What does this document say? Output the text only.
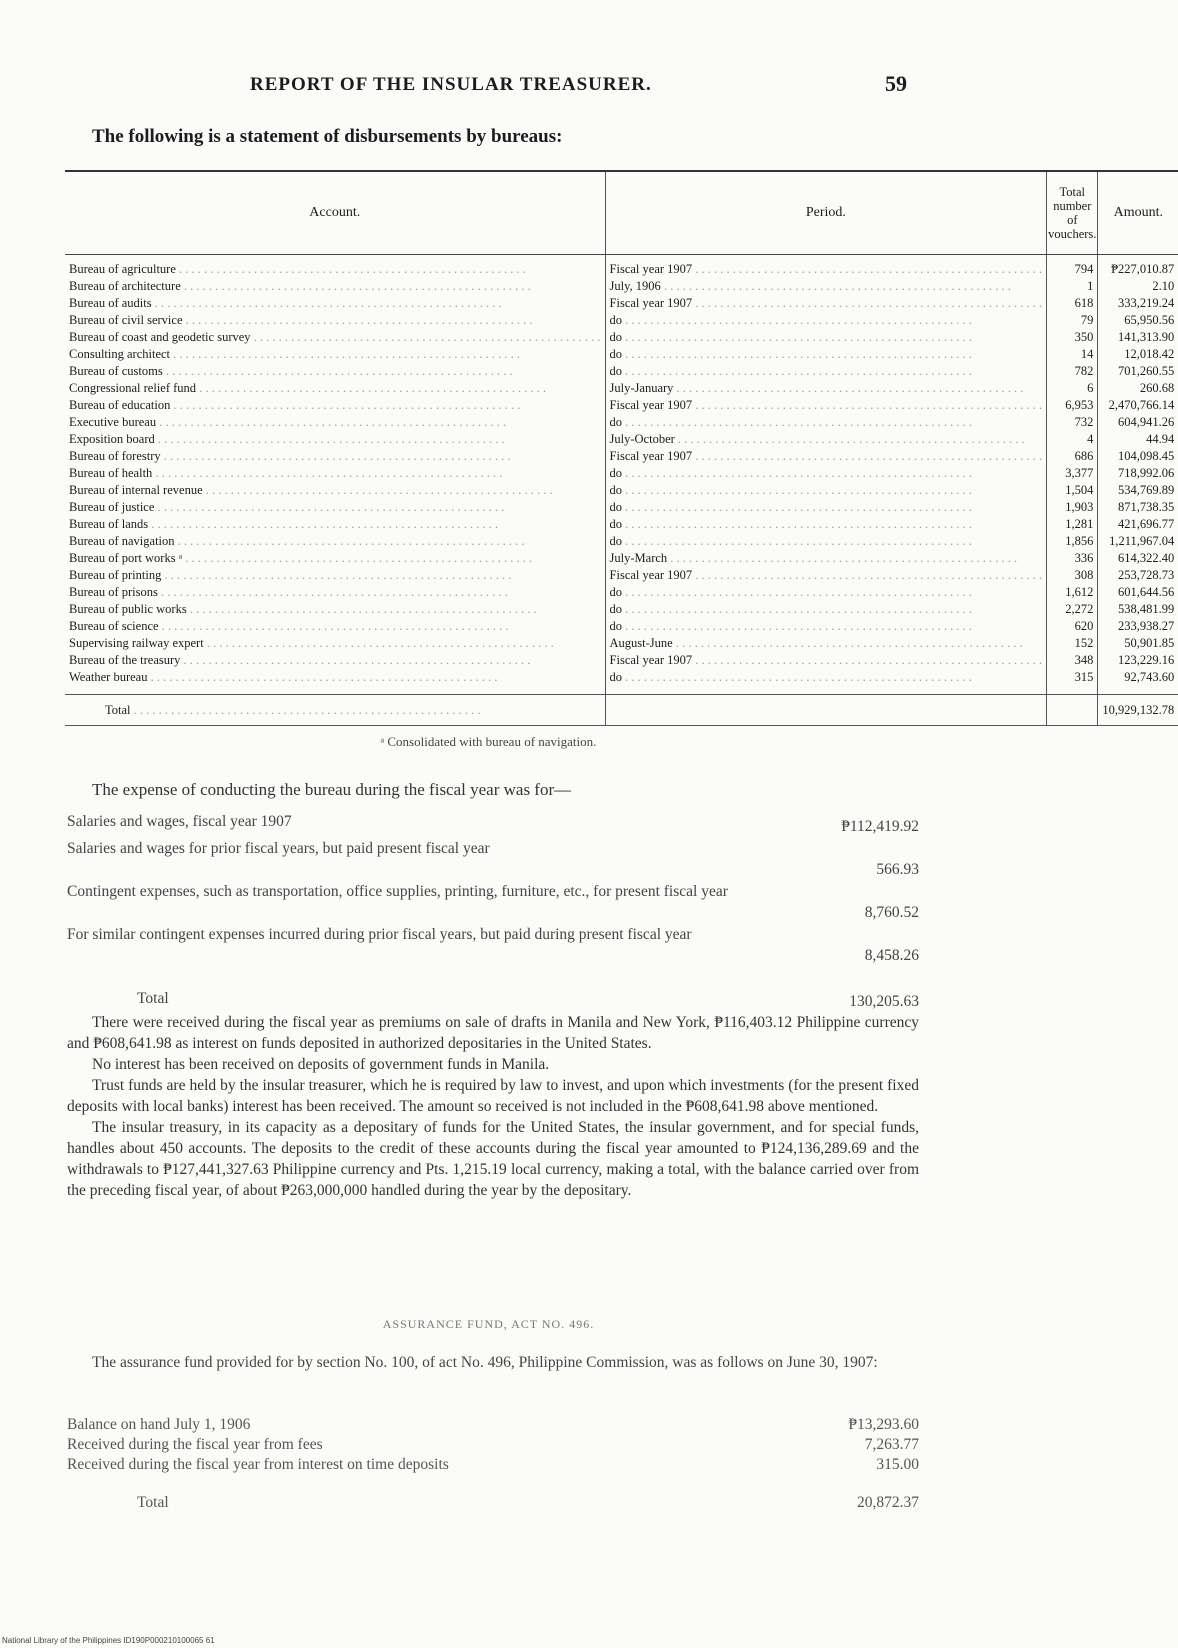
REPORT OF THE INSULAR TREASURER.	59
The following is a statement of disbursements by bureaus:
Account.	Period.	Total
number
of
vouchers.	Amount.
Bureau of agriculture . . .	Fiscal year 1907 . . .	794	₱227,010.87
Bureau of architecture . . .	July, 1906 . . .	1	2.10
Bureau of audits . . .	Fiscal year 1907 . . .	618	333,219.24
Bureau of civil service . . .	do . . .	79	65,950.56
Bureau of coast and geodetic survey . . .	do . . .	350	141,313.90
Consulting architect . . .	do . . .	14	12,018.42
Bureau of customs . . .	do . . .	782	701,260.55
Congressional relief fund . . .	July-January . . .	6	260.68
Bureau of education . . .	Fiscal year 1907 . . .	6,953	2,470,766.14
Executive bureau . . .	do . . .	732	604,941.26
Exposition board . . .	July-October . . .	4	44.94
Bureau of forestry . . .	Fiscal year 1907 . . .	686	104,098.45
Bureau of health . . .	do . . .	3,377	718,992.06
Bureau of internal revenue . . .	do . . .	1,504	534,769.89
Bureau of justice . . .	do . . .	1,903	871,738.35
Bureau of lands . . .	do . . .	1,281	421,696.77
Bureau of navigation . . .	do . . .	1,856	1,211,967.04
Bureau of port works ᵃ . . .	July-March . . .	336	614,322.40
Bureau of printing . . .	Fiscal year 1907 . . .	308	253,728.73
Bureau of prisons . . .	do . . .	1,612	601,644.56
Bureau of public works . . .	do . . .	2,272	538,481.99
Bureau of science . . .	do . . .	620	233,938.27
Supervising railway expert . . .	August-June . . .	152	50,901.85
Bureau of the treasury . . .	Fiscal year 1907 . . .	348	123,229.16
Weather bureau . . .	do . . .	315	92,743.60

Total . . .			10,929,132.78
ᵃ Consolidated with bureau of navigation.
The expense of conducting the bureau during the fiscal year was for—
Salaries and wages, fiscal year 1907	₱112,419.92
Salaries and wages for prior fiscal years, but paid present fiscal year
566.93
Contingent expenses, such as transportation, office supplies, printing, furniture, etc., for present fiscal year
8,760.52
For similar contingent expenses incurred during prior fiscal years, but paid during present fiscal year
8,458.26
Total	130,205.63

There were received during the fiscal year as premiums on sale of drafts in Manila and New York, ₱116,403.12 Philippine currency and ₱608,641.98 as interest on funds deposited in authorized depositaries in the United States.

No interest has been received on deposits of government funds in Manila.

Trust funds are held by the insular treasurer, which he is required by law to invest, and upon which investments (for the present fixed deposits with local banks) interest has been received. The amount so received is not included in the ₱608,641.98 above mentioned.

The insular treasury, in its capacity as a depositary of funds for the United States, the insular government, and for special funds, handles about 450 accounts. The deposits to the credit of these accounts during the fiscal year amounted to ₱124,136,289.69 and the withdrawals to ₱127,441,327.63 Philippine currency and Pts. 1,215.19 local currency, making a total, with the balance carried over from the preceding fiscal year, of about ₱263,000,000 handled during the year by the depositary.

ASSURANCE FUND, ACT NO. 496.
The assurance fund provided for by section No. 100, of act No. 496, Philippine Commission, was as follows on June 30, 1907:
Balance on hand July 1, 1906	₱13,293.60
Received during the fiscal year from fees	7,263.77
Received during the fiscal year from interest on time deposits	315.00
Total	20,872.37
National Library of the Philippines ID190P000210100065 61
